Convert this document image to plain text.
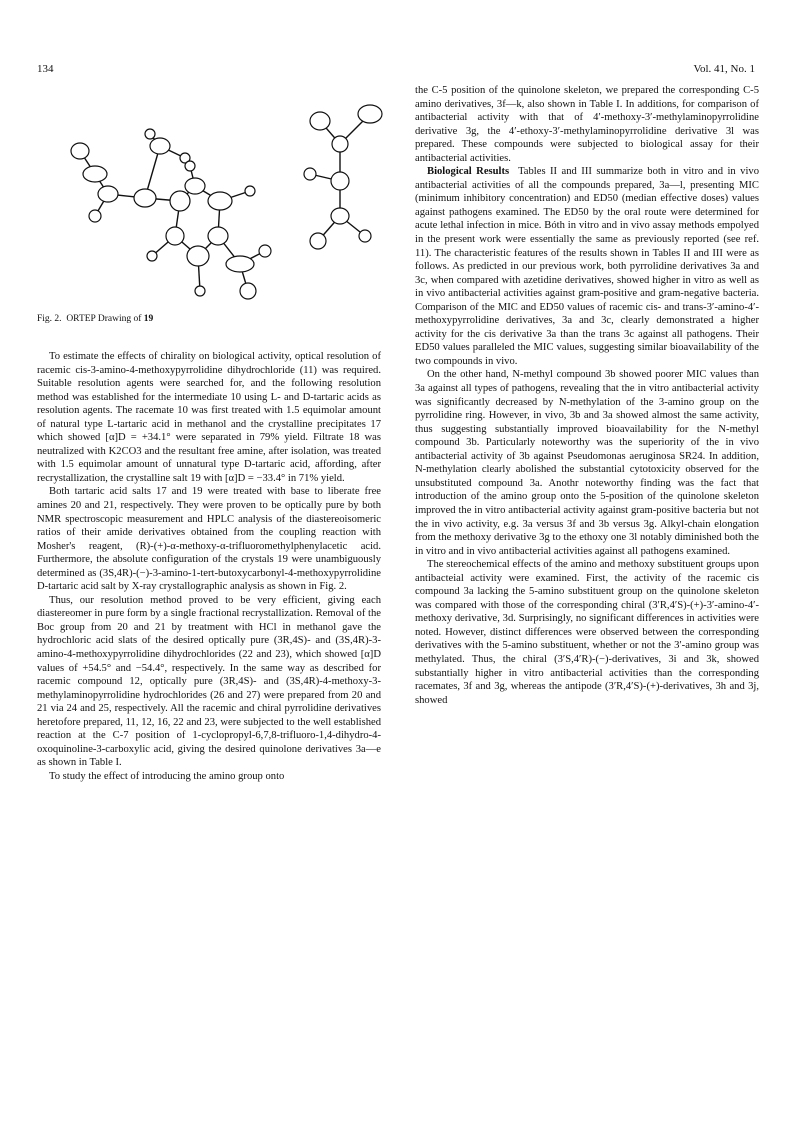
134	Vol. 41, No. 1
Fig. 2. ORTEP Drawing of 19

To estimate the effects of chirality on biological activity, optical resolution of racemic cis-3-amino-4-methoxypyrrolidine dihydrochloride (11) was required. Suitable resolution agents were searched for, and the following resolution method was established for the intermediate 10 using L- and D-tartaric acids as resolution agents. The racemate 10 was first treated with 1.5 equimolar amount of natural type L-tartaric acid in methanol and the crystalline precipitates 17 which showed [α]D = +34.1° were separated in 79% yield. Filtrate 18 was neutralized with K2CO3 and the resultant free amine, after isolation, was treated with 1.5 equimolar amount of unnatural type D-tartaric acid, affording, after recrystallization, the crystalline salt 19 with [α]D = −33.4° in 71% yield.

Both tartaric acid salts 17 and 19 were treated with base to liberate free amines 20 and 21, respectively. They were proven to be optically pure by both NMR spectroscopic measurement and HPLC analysis of the diastereoisomeric ratios of their amide derivatives obtained from the coupling reaction with Mosher's reagent, (R)-(+)-α-methoxy-α-trifluoromethylphenylacetic acid. Furthermore, the absolute configuration of the crystals 19 were unambiguously determined as (3S,4R)-(−)-3-amino-1-tert-butoxycarbonyl-4-methoxypyrrolidine D-tartaric acid salt by X-ray crystallographic analysis as shown in Fig. 2.

Thus, our resolution method proved to be very efficient, giving each diastereomer in pure form by a single fractional recrystallization. Removal of the Boc group from 20 and 21 by treatment with HCl in methanol gave the hydrochloric acid slats of the desired optically pure (3R,4S)- and (3S,4R)-3-amino-4-methoxypyrrolidine dihydrochlorides (22 and 23), which showed [α]D values of +54.5° and −54.4°, respectively. In the same way as described for racemic compound 12, optically pure (3R,4S)- and (3S,4R)-4-methoxy-3-methylaminopyrrolidine hydrochlorides (26 and 27) were prepared from 20 and 21 via 24 and 25, respectively. All the racemic and chiral pyrrolidine derivatives heretofore prepared, 11, 12, 16, 22 and 23, were subjected to the well established reaction at the C-7 position of 1-cyclopropyl-6,7,8-trifluoro-1,4-dihydro-4-oxoquinoline-3-carboxylic acid, giving the desired quinolone derivatives 3a—e as shown in Table I.

To study the effect of introducing the amino group onto

the C-5 position of the quinolone skeleton, we prepared the corresponding C-5 amino derivatives, 3f—k, also shown in Table I. In additions, for comparison of antibacterial activity with that of 4′-methoxy-3′-methylaminopyrrolidine derivative 3g, the 4′-ethoxy-3′-methylaminopyrrolidine derivative 3l was prepared. These compounds were subjected to biological assay for their antibacterial activities.

Biological Results Tables II and III summarize both in vitro and in vivo antibacterial activities of all the compounds prepared, 3a—l, presenting MIC (minimum inhibitory concentration) and ED50 (median effective doses) values against pathogens examined. The ED50 by the oral route were determined for acute lethal infection in mice. Bóth in vitro and in vivo assay methods empolyed in the present work were essentially the same as previously reported (see ref. 11). The characteristic features of the results shown in Tables II and III were as follows. As predicted in our previous work, both pyrrolidine derivatives 3a and 3c, when compared with azetidine derivatives, showed higher in vitro as well as in vivo antibacterial activities against gram-positive and gram-negative bacteria. Comparison of the MIC and ED50 values of racemic cis- and trans-3′-amino-4′-methoxypyrrolidine derivatives, 3a and 3c, clearly demonstrated a higher activity for the cis derivative 3a than the trans 3c against all pathogens. Their ED50 values paralleled the MIC values, suggesting similar bioavailability of the two compounds in vivo.

On the other hand, N-methyl compound 3b showed poorer MIC values than 3a against all types of pathogens, revealing that the in vitro antibacterial activity was significantly decreased by N-methylation of the 3-amino group on the pyrrolidine ring. However, in vivo, 3b and 3a showed almost the same activity, thus suggesting substantially improved bioavailability for the N-methyl compound 3b. Particularly noteworthy was the superiority of the in vivo antibacterial activity of 3b against Pseudomonas aeruginosa SR24. In addition, N-methylation clearly abolished the substantial cytotoxicity observed for the unsubstituted compound 3a. Anothr noteworthy finding was the fact that introduction of the amino group onto the 5-position of the quinolone skeleton improved the in vitro antibacterial activity against gram-positive bacteria but not the in vivo activity, e.g. 3a versus 3f and 3b versus 3g. Alkyl-chain elongation from the methoxy derivative 3g to the ethoxy one 3l notably diminished both the in vitro and in vivo antibacterial activities against all pathogens examined.

The stereochemical effects of the amino and methoxy substituent groups upon antibacteial activity were examined. First, the activity of the racemic cis compound 3a lacking the 5-amino substituent group on the quinolone skeleton was compared with those of the corresponding chiral (3′R,4′S)-(+)-3′-amino-4′-methoxy derivative, 3d. Surprisingly, no significant differences in activities were noted. However, distinct differences were observed between the corresponding derivatives with the 5-amino substituent, whether or not the 3′-amino group was methylated. Thus, the chiral (3′S,4′R)-(−)-derivatives, 3i and 3k, showed substantially higher in vitro antibacterial activities than the corresponding racemates, 3f and 3g, whereas the antipode (3′R,4′S)-(+)-derivatives, 3h and 3j, showed
